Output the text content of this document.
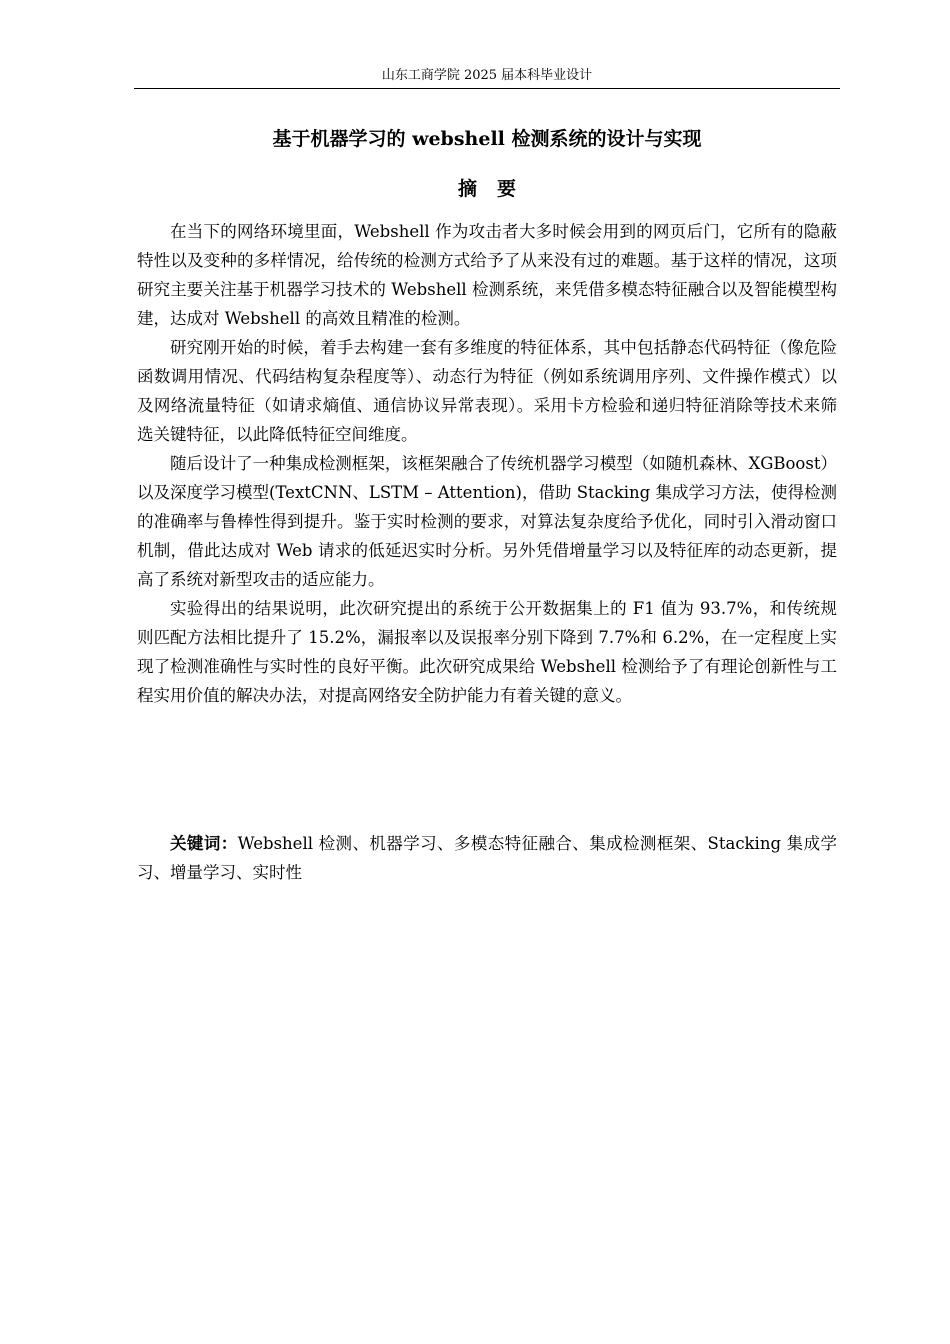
山东工商学院 2025 届本科毕业设计
基于机器学习的 webshell 检测系统的设计与实现
摘要

在当下的网络环境里面，Webshell 作为攻击者大多时候会用到的网页后门，它所有的隐蔽特性以及变种的多样情况，给传统的检测方式给予了从来没有过的难题。基于这样的情况，这项研究主要关注基于机器学习技术的 Webshell 检测系统，来凭借多模态特征融合以及智能模型构建，达成对 Webshell 的高效且精准的检测。

研究刚开始的时候，着手去构建一套有多维度的特征体系，其中包括静态代码特征（像危险函数调用情况、代码结构复杂程度等）、动态行为特征（例如系统调用序列、文件操作模式）以及网络流量特征（如请求熵值、通信协议异常表现）。采用卡方检验和递归特征消除等技术来筛选关键特征，以此降低特征空间维度。

随后设计了一种集成检测框架，该框架融合了传统机器学习模型（如随机森林、XGBoost）以及深度学习模型(TextCNN、LSTM – Attention)，借助 Stacking 集成学习方法，使得检测的准确率与鲁棒性得到提升。鉴于实时检测的要求，对算法复杂度给予优化，同时引入滑动窗口机制，借此达成对 Web 请求的低延迟实时分析。另外凭借增量学习以及特征库的动态更新，提高了系统对新型攻击的适应能力。

实验得出的结果说明，此次研究提出的系统于公开数据集上的 F1 值为 93.7%，和传统规则匹配方法相比提升了 15.2%，漏报率以及误报率分别下降到 7.7%和 6.2%，在一定程度上实现了检测准确性与实时性的良好平衡。此次研究成果给 Webshell 检测给予了有理论创新性与工程实用价值的解决办法，对提高网络安全防护能力有着关键的意义。

关键词：Webshell 检测、机器学习、多模态特征融合、集成检测框架、Stacking 集成学习、增量学习、实时性
